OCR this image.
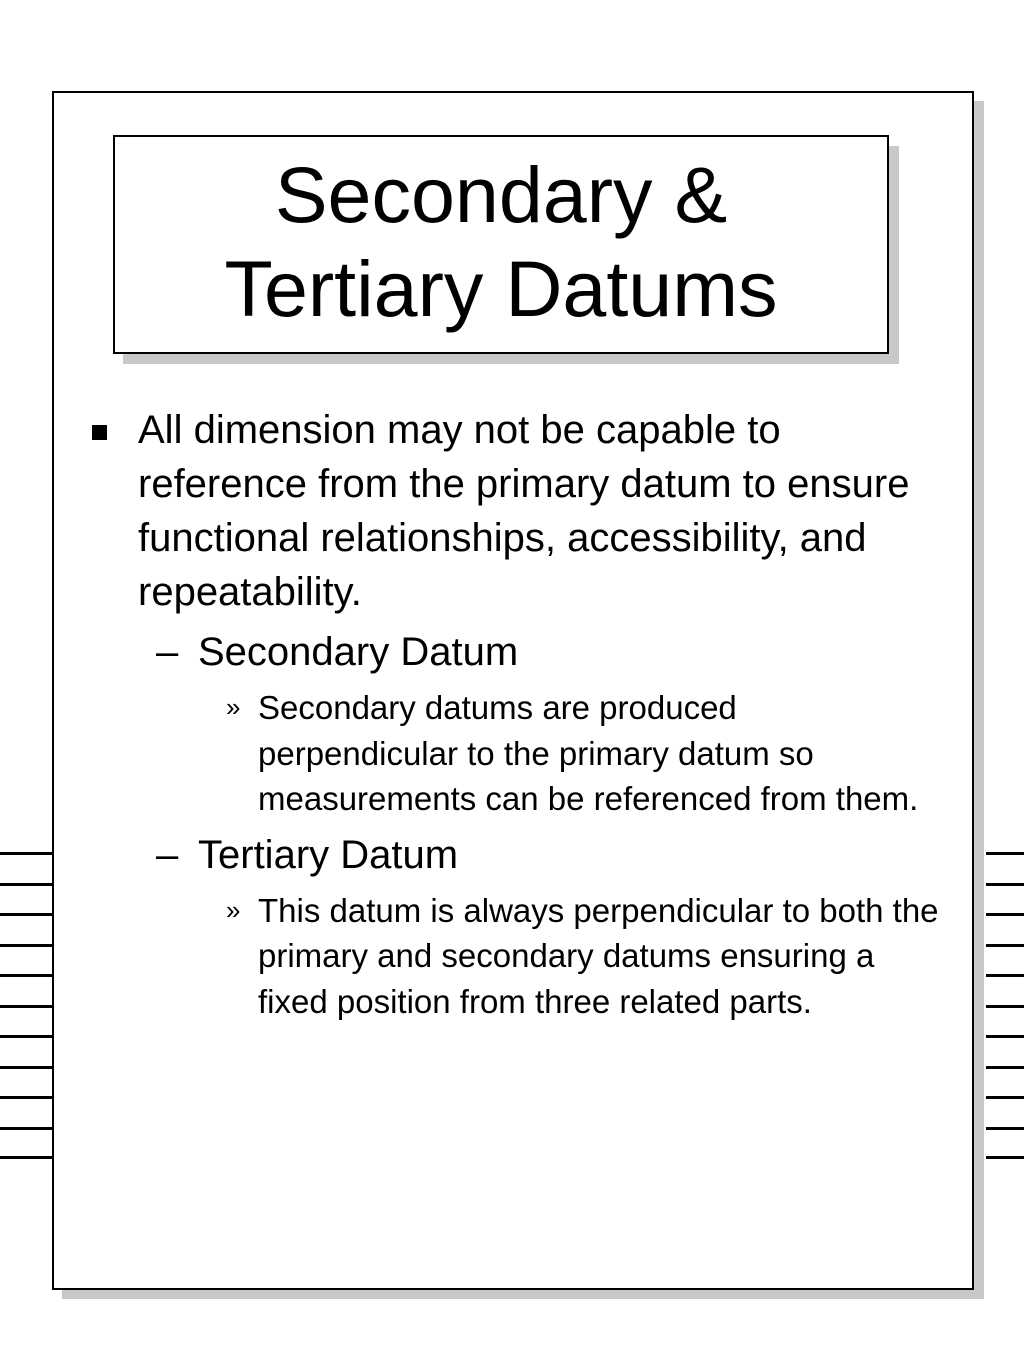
Secondary &
Tertiary Datums
All dimension may not be capable to reference from the primary datum to ensure functional relationships, accessibility, and repeatability.
– Secondary Datum
» Secondary datums are produced perpendicular to the primary datum so measurements can be referenced from them.
– Tertiary Datum
» This datum is always perpendicular to both the primary and secondary datums ensuring a fixed position from three related parts.
